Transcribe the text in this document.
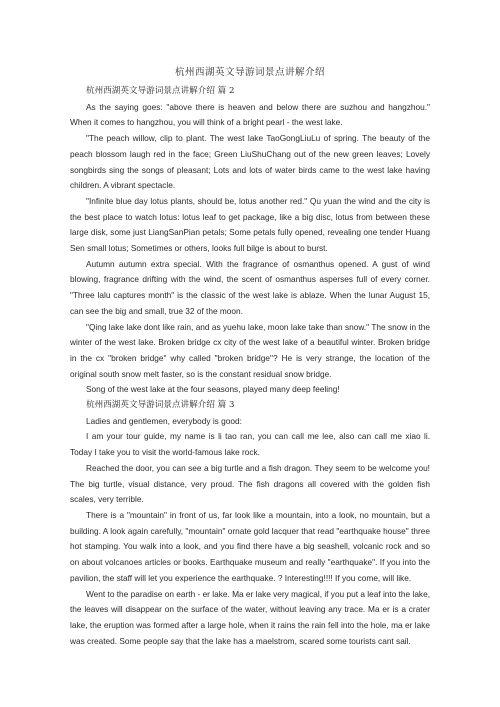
杭州西湖英文导游词景点讲解介绍

杭州西湖英文导游词景点讲解介绍 篇 2

As the saying goes: "above there is heaven and below there are suzhou and hangzhou." When it comes to hangzhou, you will think of a bright pearl - the west lake.

"The peach willow, clip to plant. The west lake TaoGongLiuLu of spring. The beauty of the peach blossom laugh red in the face; Green LiuShuChang out of the new green leaves; Lovely songbirds sing the songs of pleasant; Lots and lots of water birds came to the west lake having children. A vibrant spectacle.

"Infinite blue day lotus plants, should be, lotus another red." Qu yuan the wind and the city is the best place to watch lotus: lotus leaf to get package, like a big disc, lotus from between these large disk, some just LiangSanPian petals; Some petals fully opened, revealing one tender Huang Sen small lotus; Sometimes or others, looks full bilge is about to burst.

Autumn autumn extra special. With the fragrance of osmanthus opened. A gust of wind blowing, fragrance drifting with the wind, the scent of osmanthus asperses full of every corner. "Three lalu captures month" is the classic of the west lake is ablaze. When the lunar August 15, can see the big and small, true 32 of the moon.

"Qing lake lake dont like rain, and as yuehu lake, moon lake take than snow." The snow in the winter of the west lake. Broken bridge cx city of the west lake of a beautiful winter. Broken bridge in the cx "broken bridge" why called "broken bridge"? He is very strange, the location of the original south snow melt faster, so is the constant residual snow bridge.

Song of the west lake at the four seasons, played many deep feeling!

杭州西湖英文导游词景点讲解介绍 篇 3

Ladies and gentlemen, everybody is good:

I am your tour guide, my name is li tao ran, you can call me lee, also can call me xiao li. Today I take you to visit the world-famous lake rock.

Reached the door, you can see a big turtle and a fish dragon. They seem to be welcome you! The big turtle, visual distance, very proud. The fish dragons all covered with the golden fish scales, very terrible.

There is a "mountain" in front of us, far look like a mountain, into a look, no mountain, but a building. A look again carefully, "mountain" ornate gold lacquer that read "earthquake house" three hot stamping. You walk into a look, and you find there have a big seashell, volcanic rock and so on about volcanoes articles or books. Earthquake museum and really "earthquake". If you into the pavilion, the staff will let you experience the earthquake. ? Interesting!!!! If you come, will like.

Went to the paradise on earth - er lake. Ma er lake very magical, if you put a leaf into the lake, the leaves will disappear on the surface of the water, without leaving any trace. Ma er is a crater lake, the eruption was formed after a large hole, when it rains the rain fell into the hole, ma er lake was created. Some people say that the lake has a maelstrom, scared some tourists cant sail.
